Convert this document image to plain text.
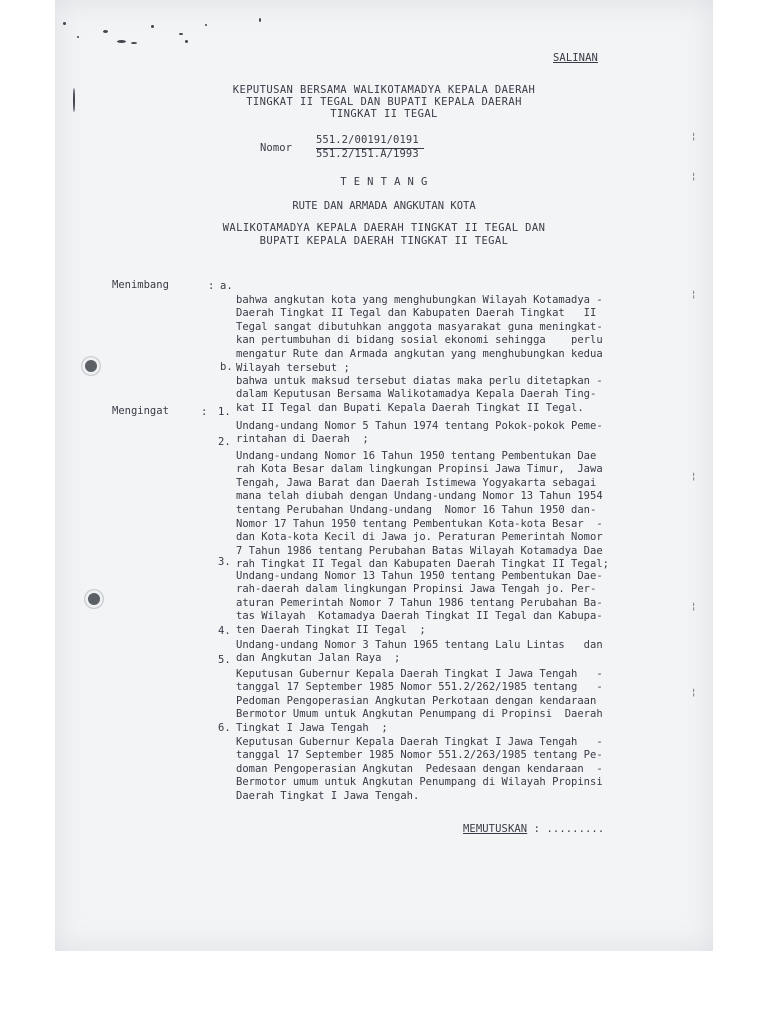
¦
¦
¦
¦
¦
¦
SALINAN
KEPUTUSAN BERSAMA WALIKOTAMADYA KEPALA DAERAH
TINGKAT II TEGAL DAN BUPATI KEPALA DAERAH
TINGKAT II TEGAL
Nomor
551.2/00191/0191
551.2/151.A/1993
T E N T A N G
RUTE DAN ARMADA ANGKUTAN KOTA
WALIKOTAMADYA KEPALA DAERAH TINGKAT II TEGAL DAN
BUPATI KEPALA DAERAH TINGKAT II TEGAL
Menimbang	: a.

bahwa angkutan kota yang menghubungkan Wilayah Kotamadya -
Daerah Tingkat II Tegal dan Kabupaten Daerah Tingkat   II
Tegal sangat dibutuhkan anggota masyarakat guna meningkat-
kan pertumbuhan di bidang sosial ekonomi sehingga    perlu
mengatur Rute dan Armada angkutan yang menghubungkan kedua
Wilayah tersebut ;
b.

bahwa untuk maksud tersebut diatas maka perlu ditetapkan -
dalam Keputusan Bersama Walikotamadya Kepala Daerah Ting-
kat II Tegal dan Bupati Kepala Daerah Tingkat II Tegal.
Mengingat	: 1.

Undang-undang Nomor 5 Tahun 1974 tentang Pokok-pokok Peme-
rintahan di Daerah  ;
2.

Undang-undang Nomor 16 Tahun 1950 tentang Pembentukan Dae
rah Kota Besar dalam lingkungan Propinsi Jawa Timur,  Jawa
Tengah, Jawa Barat dan Daerah Istimewa Yogyakarta sebagai
mana telah diubah dengan Undang-undang Nomor 13 Tahun 1954
tentang Perubahan Undang-undang  Nomor 16 Tahun 1950 dan-
Nomor 17 Tahun 1950 tentang Pembentukan Kota-kota Besar  -
dan Kota-kota Kecil di Jawa jo. Peraturan Pemerintah Nomor
7 Tahun 1986 tentang Perubahan Batas Wilayah Kotamadya Dae
rah Tingkat II Tegal dan Kabupaten Daerah Tingkat II Tegal;
3.

Undang-undang Nomor 13 Tahun 1950 tentang Pembentukan Dae-
rah-daerah dalam lingkungan Propinsi Jawa Tengah jo. Per-
aturan Pemerintah Nomor 7 Tahun 1986 tentang Perubahan Ba-
tas Wilayah  Kotamadya Daerah Tingkat II Tegal dan Kabupa-
ten Daerah Tingkat II Tegal  ;
4.

Undang-undang Nomor 3 Tahun 1965 tentang Lalu Lintas   dan
dan Angkutan Jalan Raya  ;
5.

Keputusan Gubernur Kepala Daerah Tingkat I Jawa Tengah   -
tanggal 17 September 1985 Nomor 551.2/262/1985 tentang   -
Pedoman Pengoperasian Angkutan Perkotaan dengan kendaraan
Bermotor Umum untuk Angkutan Penumpang di Propinsi  Daerah
Tingkat I Jawa Tengah  ;
6.

Keputusan Gubernur Kepala Daerah Tingkat I Jawa Tengah   -
tanggal 17 September 1985 Nomor 551.2/263/1985 tentang Pe-
doman Pengoperasian Angkutan  Pedesaan dengan kendaraan  -
Bermotor umum untuk Angkutan Penumpang di Wilayah Propinsi
Daerah Tingkat I Jawa Tengah.
MEMUTUSKAN : .........
